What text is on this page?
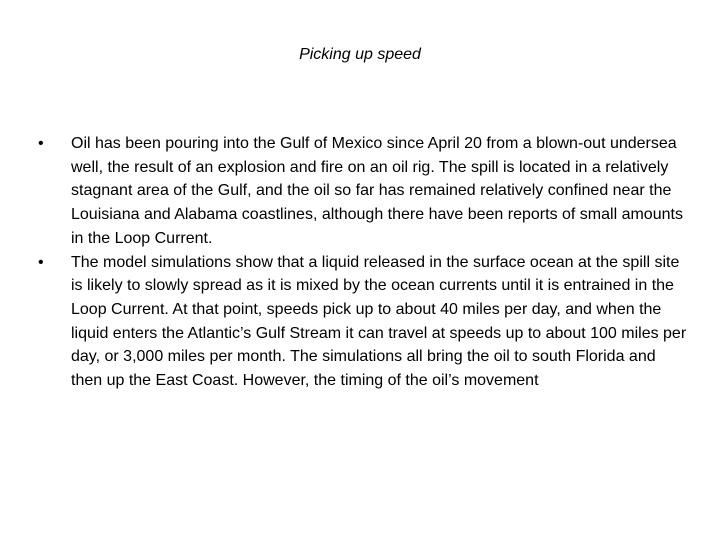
Picking up speed
•	Oil has been pouring into the Gulf of Mexico since April 20 from a blown-out undersea well, the result of an explosion and fire on an oil rig. The spill is located in a relatively stagnant area of the Gulf, and the oil so far has remained relatively confined near the Louisiana and Alabama coastlines, although there have been reports of small amounts in the Loop Current.
•	The model simulations show that a liquid released in the surface ocean at the spill site is likely to slowly spread as it is mixed by the ocean currents until it is entrained in the Loop Current. At that point, speeds pick up to about 40 miles per day, and when the liquid enters the Atlantic’s Gulf Stream it can travel at speeds up to about 100 miles per day, or 3,000 miles per month. The simulations all bring the oil to south Florida and then up the East Coast. However, the timing of the oil’s movement
